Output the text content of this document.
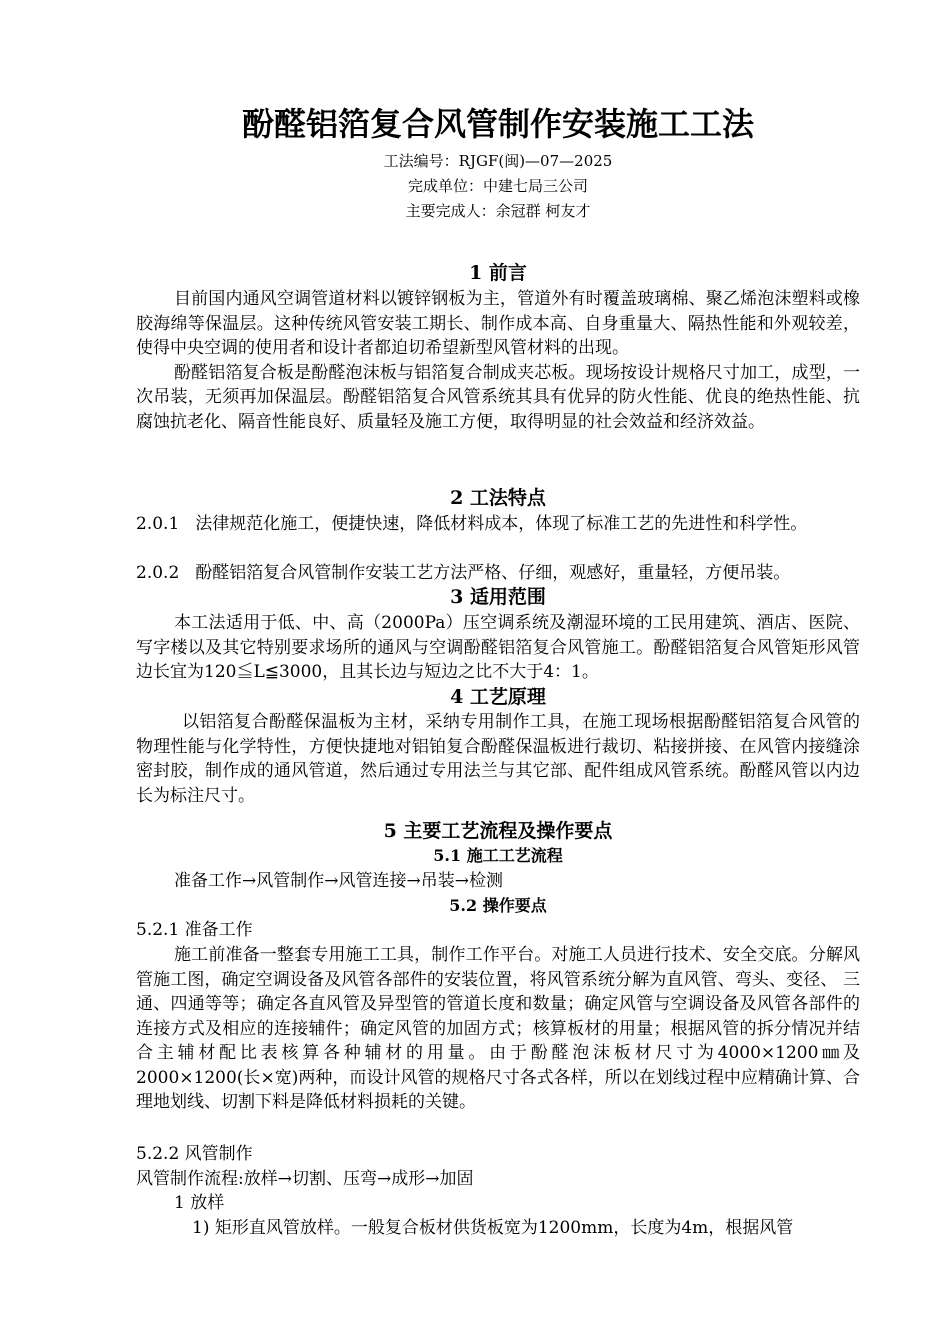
酚醛铝箔复合风管制作安装施工工法
工法编号：RJGF(闽)—07—2025
完成单位：中建七局三公司
主要完成人：余冠群 柯友才
1 前言

目前国内通风空调管道材料以镀锌钢板为主，管道外有时覆盖玻璃棉、聚乙烯泡沫塑料或橡胶海绵等保温层。这种传统风管安装工期长、制作成本高、自身重量大、隔热性能和外观较差，使得中央空调的使用者和设计者都迫切希望新型风管材料的出现。

酚醛铝箔复合板是酚醛泡沫板与铝箔复合制成夹芯板。现场按设计规格尺寸加工，成型，一次吊装，无须再加保温层。酚醛铝箔复合风管系统其具有优异的防火性能、优良的绝热性能、抗腐蚀抗老化、隔音性能良好、质量轻及施工方便，取得明显的社会效益和经济效益。

2 工法特点

2.0.1 法律规范化施工，便捷快速，降低材料成本，体现了标准工艺的先进性和科学性。

2.0.2 酚醛铝箔复合风管制作安装工艺方法严格、仔细，观感好，重量轻，方便吊装。
3 适用范围

本工法适用于低、中、高（2000Pa）压空调系统及潮湿环境的工民用建筑、酒店、医院、写字楼以及其它特别要求场所的通风与空调酚醛铝箔复合风管施工。酚醛铝箔复合风管矩形风管边长宜为120≦L≦3000，且其长边与短边之比不大于4：1。

4 工艺原理

以铝箔复合酚醛保温板为主材，采纳专用制作工具，在施工现场根据酚醛铝箔复合风管的物理性能与化学特性，方便快捷地对铝铂复合酚醛保温板进行裁切、粘接拼接、在风管内接缝涂密封胶，制作成的通风管道，然后通过专用法兰与其它部、配件组成风管系统。酚醛风管以内边长为标注尺寸。

5 主要工艺流程及操作要点
5.1 施工工艺流程
准备工作→风管制作→风管连接→吊装→检测
5.2 操作要点
5.2.1 准备工作

施工前准备一整套专用施工工具，制作工作平台。对施工人员进行技术、安全交底。分解风管施工图，确定空调设备及风管各部件的安装位置，将风管系统分解为直风管、弯头、变径、 三通、四通等等；确定各直风管及异型管的管道长度和数量；确定风管与空调设备及风管各部件的连接方式及相应的连接辅件；确定风管的加固方式；核算板材的用量；根据风管的拆分情况并结合主辅材配比表核算各种辅材的用量。由于酚醛泡沫板材尺寸为4000×1200㎜及2000×1200(长×宽)两种，而设计风管的规格尺寸各式各样，所以在划线过程中应精确计算、合理地划线、切割下料是降低材料损耗的关键。

5.2.2 风管制作
风管制作流程:放样→切割、压弯→成形→加固
1 放样
1) 矩形直风管放样。一般复合板材供货板宽为1200mm，长度为4m，根据风管
